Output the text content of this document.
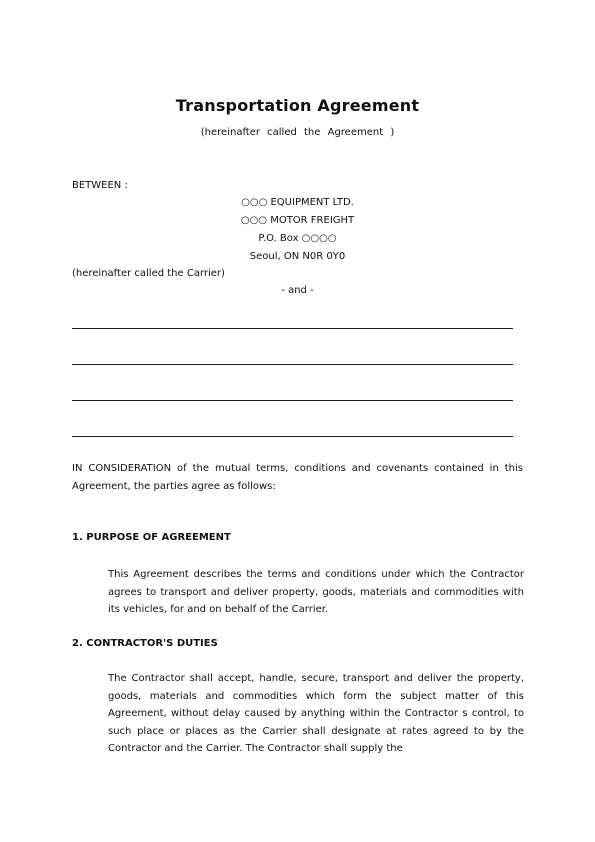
Transportation Agreement
(hereinafter called the Agreement )
BETWEEN :
○○○ EQUIPMENT LTD.
○○○ MOTOR FREIGHT
P.O. Box ○○○○
Seoul, ON N0R 0Y0
(hereinafter called the Carrier)
- and -
IN CONSIDERATION of the mutual terms, conditions and covenants contained in this Agreement, the parties agree as follows:
1. PURPOSE OF AGREEMENT
This Agreement describes the terms and conditions under which the Contractor agrees to transport and deliver property, goods, materials and commodities with its vehicles, for and on behalf of the Carrier.
2. CONTRACTOR'S DUTIES
The Contractor shall accept, handle, secure, transport and deliver the property, goods, materials and commodities which form the subject matter of this Agreement, without delay caused by anything within the Contractor s control, to such place or places as the Carrier shall designate at rates agreed to by the Contractor and the Carrier. The Contractor shall supply the
